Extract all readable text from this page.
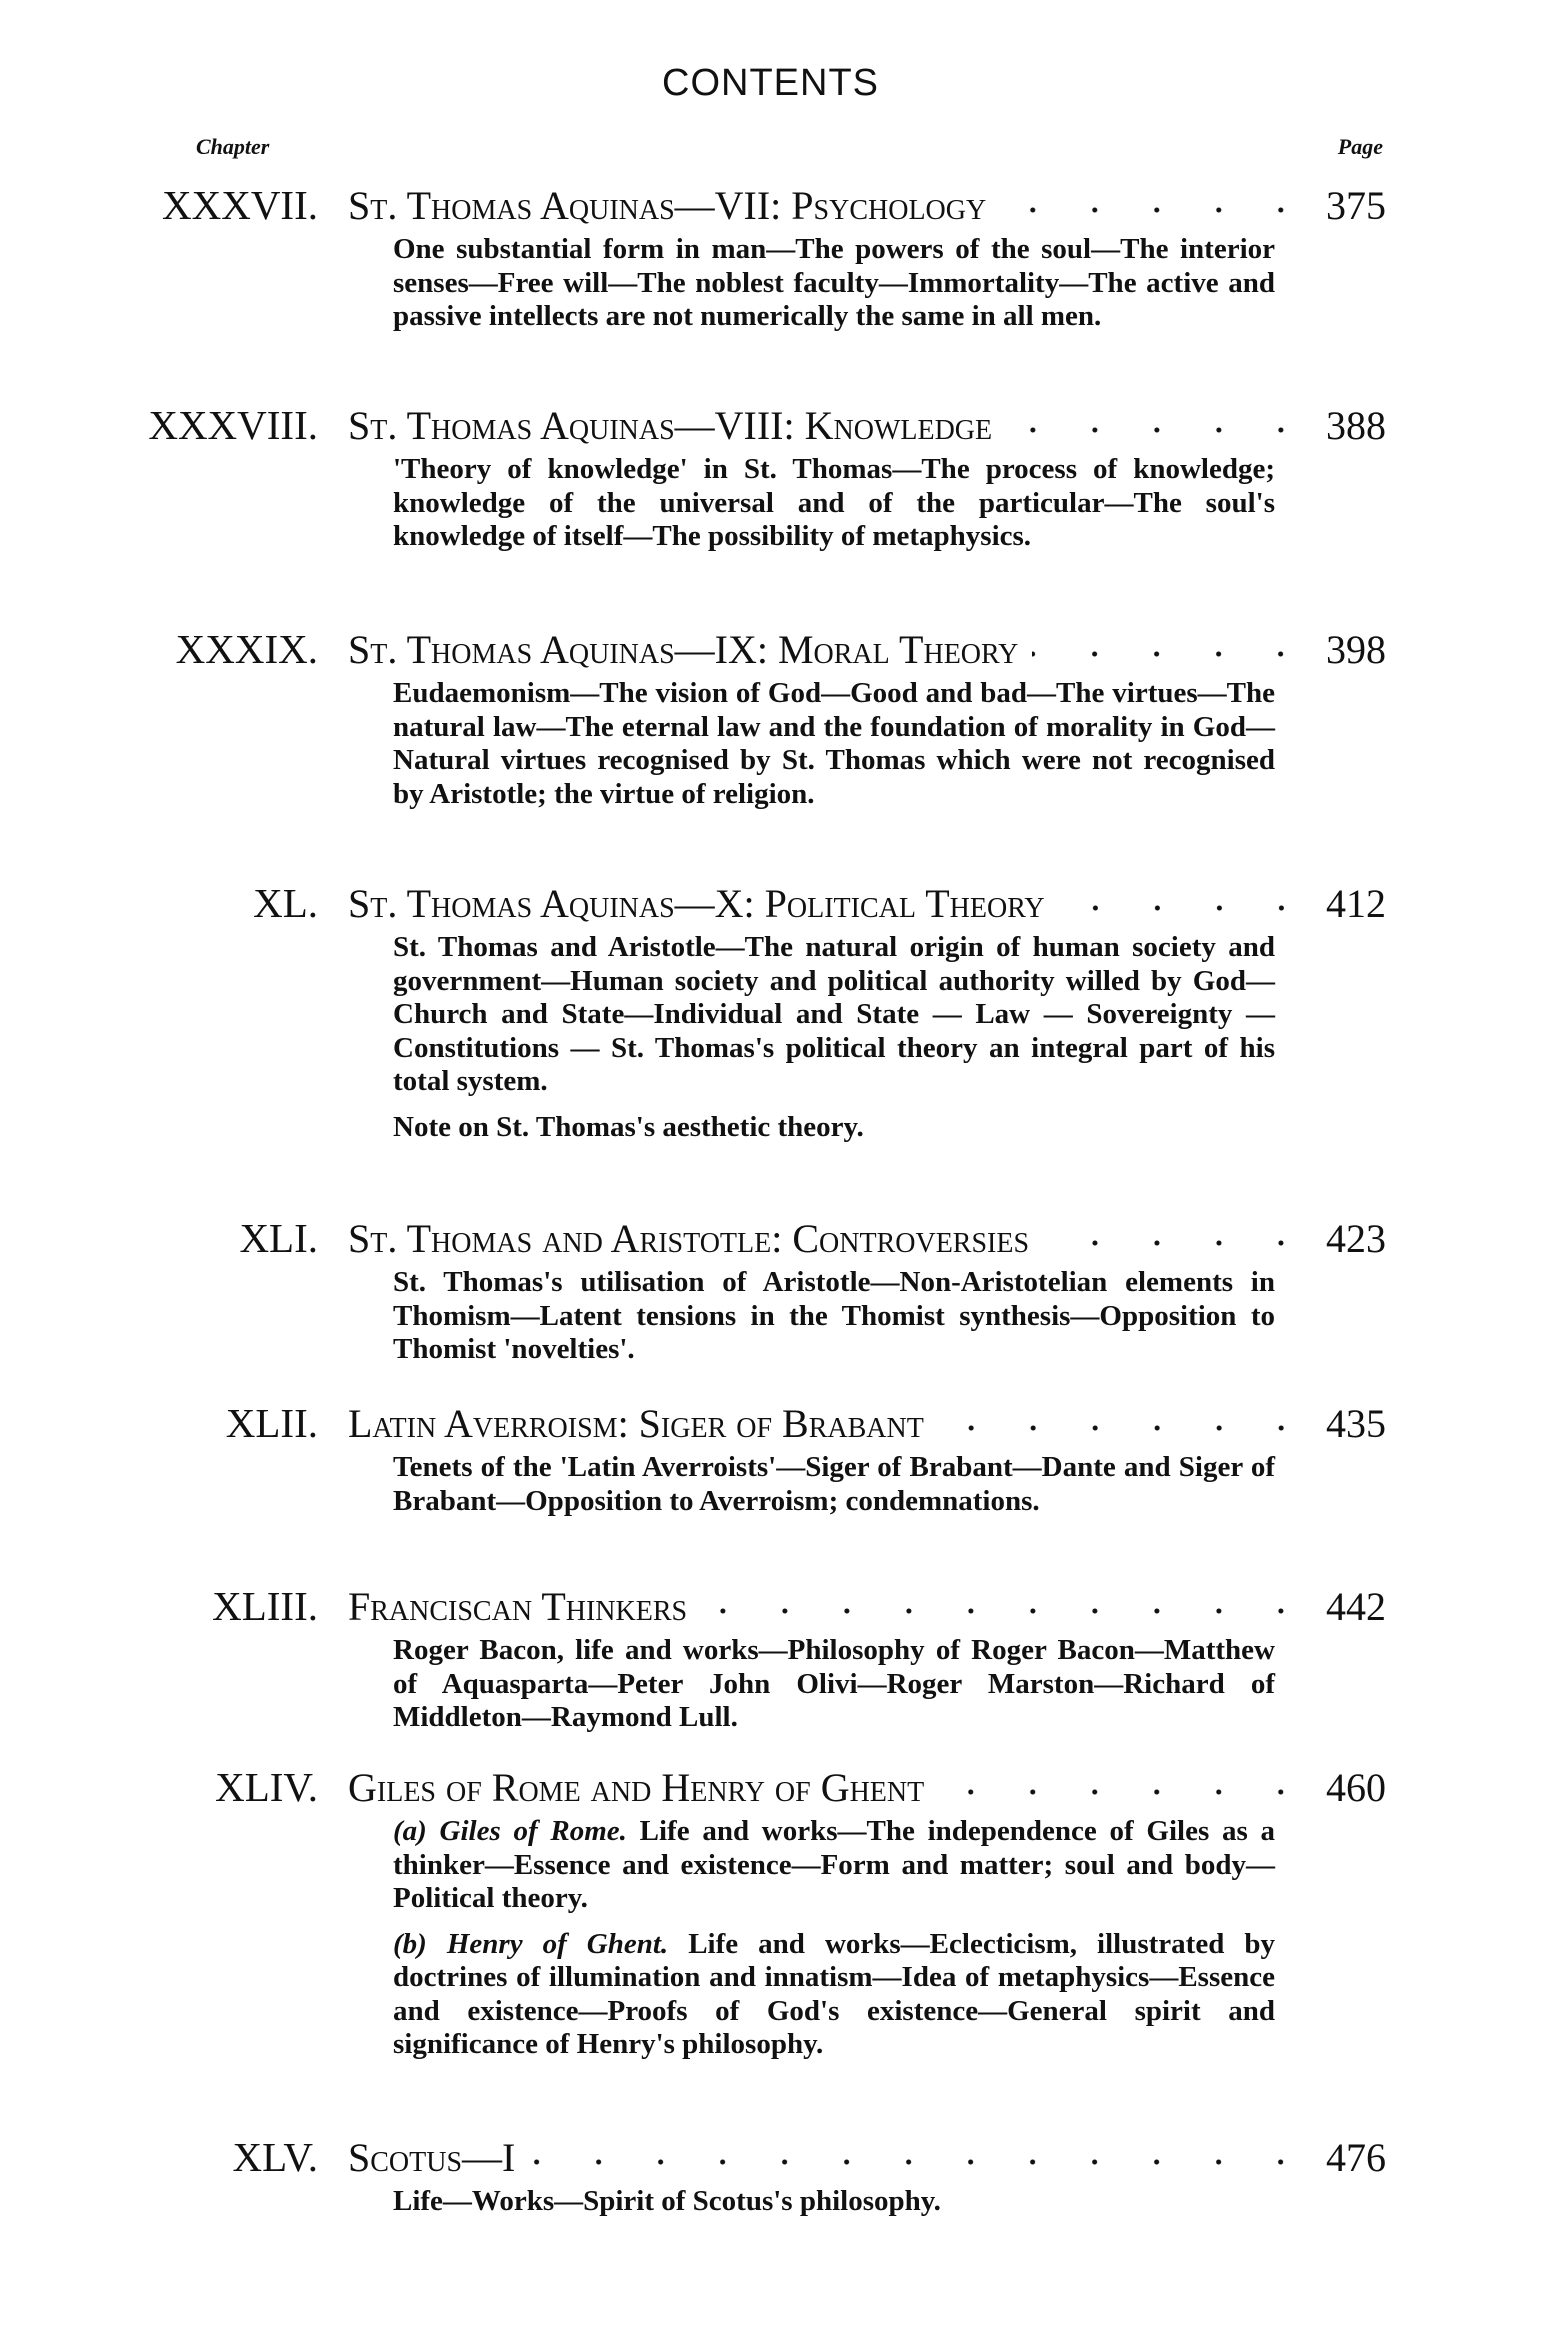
CONTENTS
Chapter	Page
XXXVII. St. Thomas Aquinas—VII: Psychology	375
One substantial form in man—The powers of the soul—The interior senses—Free will—The noblest faculty—Immortality—The active and passive intellects are not numerically the same in all men.
XXXVIII. St. Thomas Aquinas—VIII: Knowledge	388
'Theory of knowledge' in St. Thomas—The process of knowledge; knowledge of the universal and of the particular—The soul's knowledge of itself—The possibility of metaphysics.
XXXIX. St. Thomas Aquinas—IX: Moral Theory	398
Eudaemonism—The vision of God—Good and bad—The virtues—The natural law—The eternal law and the foundation of morality in God—Natural virtues recognised by St. Thomas which were not recognised by Aristotle; the virtue of religion.
XL. St. Thomas Aquinas—X: Political Theory	412
St. Thomas and Aristotle—The natural origin of human society and government—Human society and political authority willed by God—Church and State—Individual and State — Law — Sovereignty — Constitutions — St. Thomas's political theory an integral part of his total system.
Note on St. Thomas's aesthetic theory.
XLI. St. Thomas and Aristotle: Controversies	423
St. Thomas's utilisation of Aristotle—Non-Aristotelian elements in Thomism—Latent tensions in the Thomist synthesis—Opposition to Thomist 'novelties'.
XLII. Latin Averroism: Siger of Brabant	435
Tenets of the 'Latin Averroists'—Siger of Brabant—Dante and Siger of Brabant—Opposition to Averroism; condemnations.
XLIII. Franciscan Thinkers	442
Roger Bacon, life and works—Philosophy of Roger Bacon—Matthew of Aquasparta—Peter John Olivi—Roger Marston—Richard of Middleton—Raymond Lull.
XLIV. Giles of Rome and Henry of Ghent	460
(a) Giles of Rome. Life and works—The independence of Giles as a thinker—Essence and existence—Form and matter; soul and body—Political theory.
(b) Henry of Ghent. Life and works—Eclecticism, illustrated by doctrines of illumination and innatism—Idea of metaphysics—Essence and existence—Proofs of God's existence—General spirit and significance of Henry's philosophy.
XLV. Scotus—I	476
Life—Works—Spirit of Scotus's philosophy.
